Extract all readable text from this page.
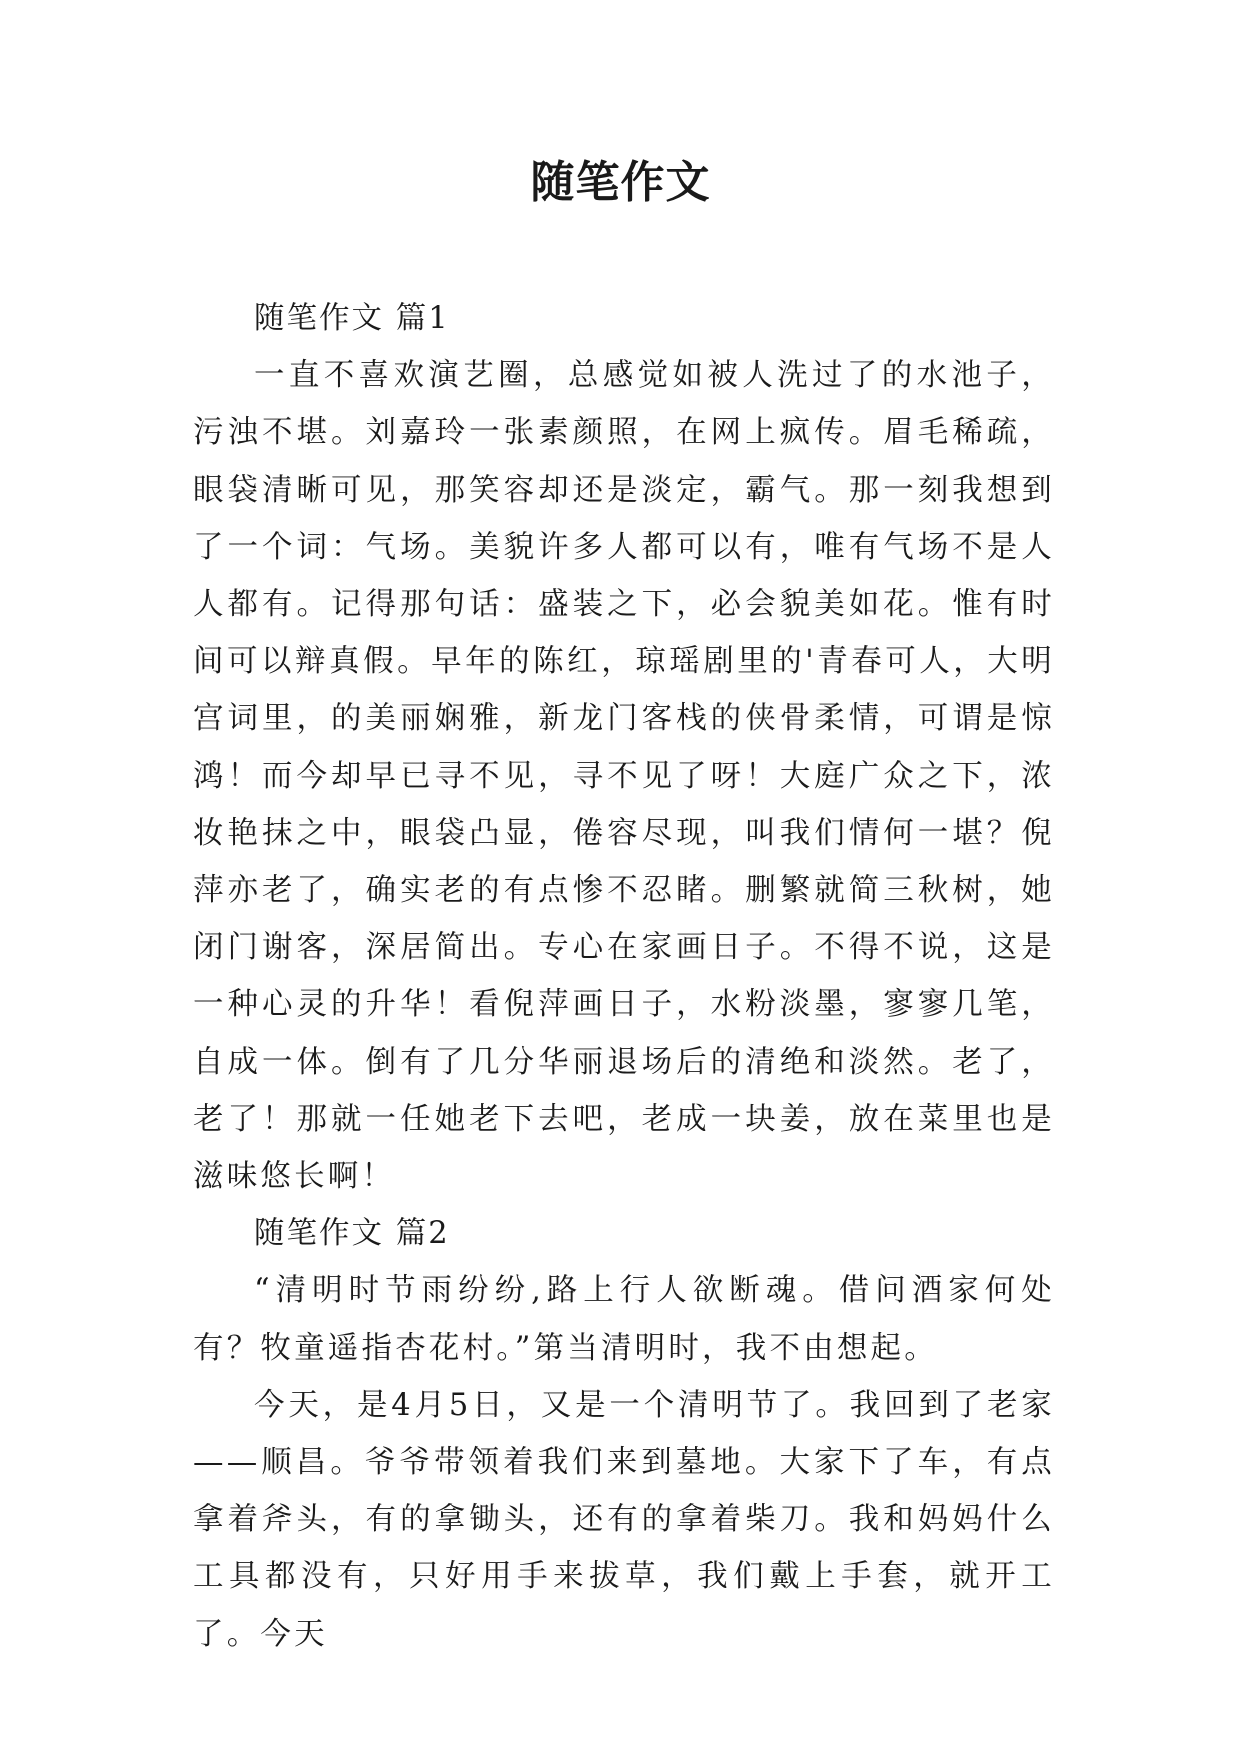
随笔作文

随笔作文 篇1

一直不喜欢演艺圈，总感觉如被人洗过了的水池子，污浊不堪。刘嘉玲一张素颜照，在网上疯传。眉毛稀疏，眼袋清晰可见，那笑容却还是淡定，霸气。那一刻我想到了一个词：气场。美貌许多人都可以有，唯有气场不是人人都有。记得那句话：盛装之下，必会貌美如花。惟有时间可以辩真假。早年的陈红，琼瑶剧里的'青春可人，大明宫词里，的美丽娴雅，新龙门客栈的侠骨柔情，可谓是惊鸿！而今却早已寻不见，寻不见了呀！大庭广众之下，浓妆艳抹之中，眼袋凸显，倦容尽现，叫我们情何一堪？倪萍亦老了，确实老的有点惨不忍睹。删繁就简三秋树，她闭门谢客，深居简出。专心在家画日子。不得不说，这是一种心灵的升华！看倪萍画日子，水粉淡墨，寥寥几笔，自成一体。倒有了几分华丽退场后的清绝和淡然。老了，老了！那就一任她老下去吧，老成一块姜，放在菜里也是滋味悠长啊！

随笔作文 篇2

“清明时节雨纷纷,路上行人欲断魂。借问酒家何处有？牧童遥指杏花村。”第当清明时，我不由想起。

今天，是4月5日，又是一个清明节了。我回到了老家——顺昌。爷爷带领着我们来到墓地。大家下了车，有点拿着斧头，有的拿锄头，还有的拿着柴刀。我和妈妈什么工具都没有，只好用手来拔草，我们戴上手套，就开工了。今天
